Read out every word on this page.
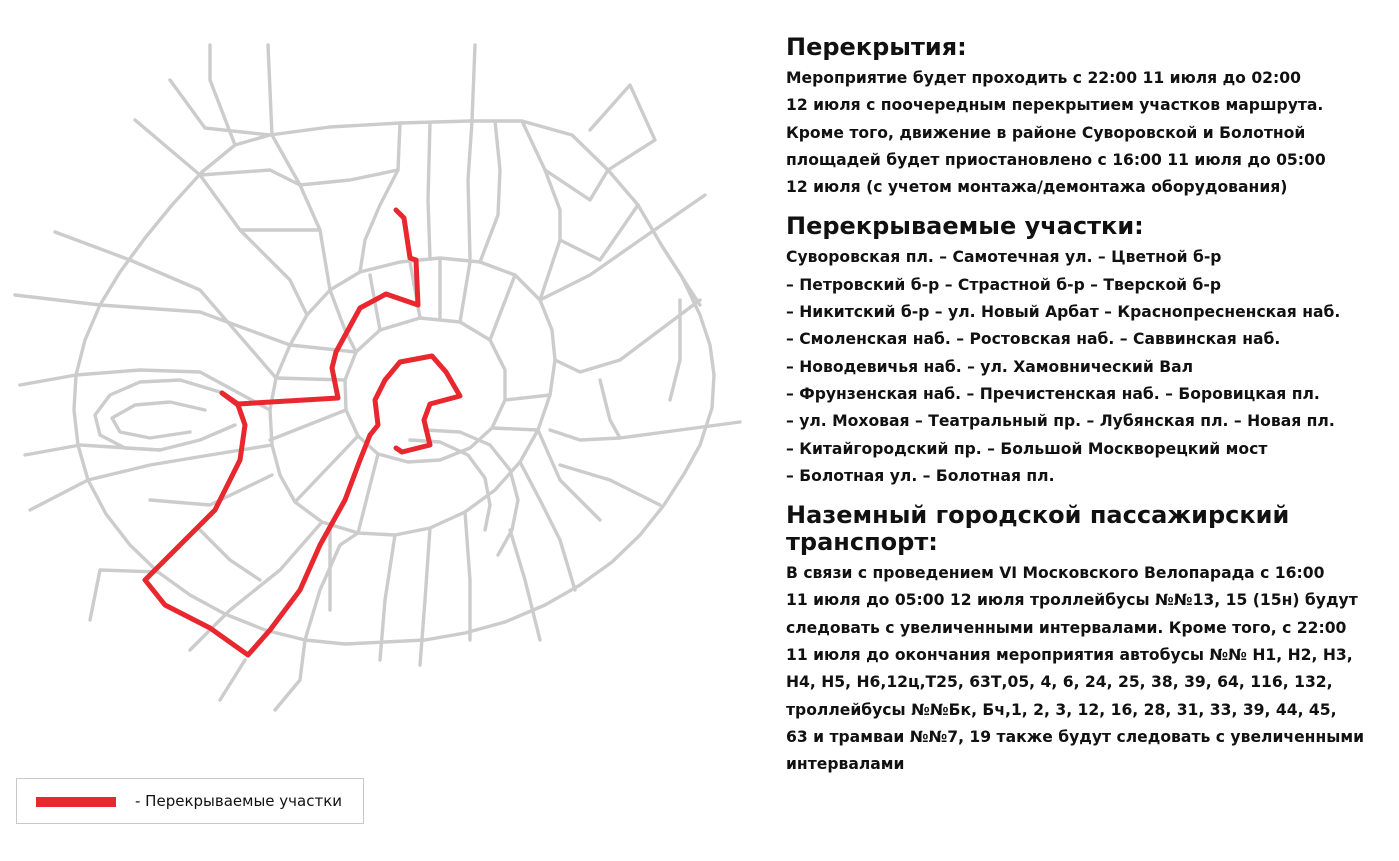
- Перекрываемые участки
Перекрытия:
Мероприятие будет проходить с 22:00 11 июля до 02:00
12 июля с поочередным перекрытием участков маршрута.
Кроме того, движение в районе Суворовской и Болотной
площадей будет приостановлено с 16:00 11 июля до 05:00
12 июля (с учетом монтажа/демонтажа оборудования)
Перекрываемые участки:
Суворовская пл. – Самотечная ул. – Цветной б-р
– Петровский б-р – Страстной б-р – Тверской б-р
– Никитский б-р – ул. Новый Арбат – Краснопресненская наб.
– Смоленская наб. – Ростовская наб. – Саввинская наб.
– Новодевичья наб. – ул. Хамовнический Вал
– Фрунзенская наб. – Пречистенская наб. – Боровицкая пл.
– ул. Моховая – Театральный пр. – Лубянская пл. – Новая пл.
– Китайгородский пр. – Большой Москворецкий мост
– Болотная ул. – Болотная пл.
Наземный городской пассажирский
транспорт:
В связи с проведением VI Московского Велопарада с 16:00
11 июля до 05:00 12 июля троллейбусы №№13, 15 (15н) будут
следовать с увеличенными интервалами. Кроме того, с 22:00
11 июля до окончания мероприятия автобусы №№ Н1, Н2, Н3,
Н4, Н5, Н6,12ц,Т25, 63Т,05, 4, 6, 24, 25, 38, 39, 64, 116, 132,
троллейбусы №№Бк, Бч,1, 2, 3, 12, 16, 28, 31, 33, 39, 44, 45,
63 и трамваи №№7, 19 также будут следовать с увеличенными
интервалами
